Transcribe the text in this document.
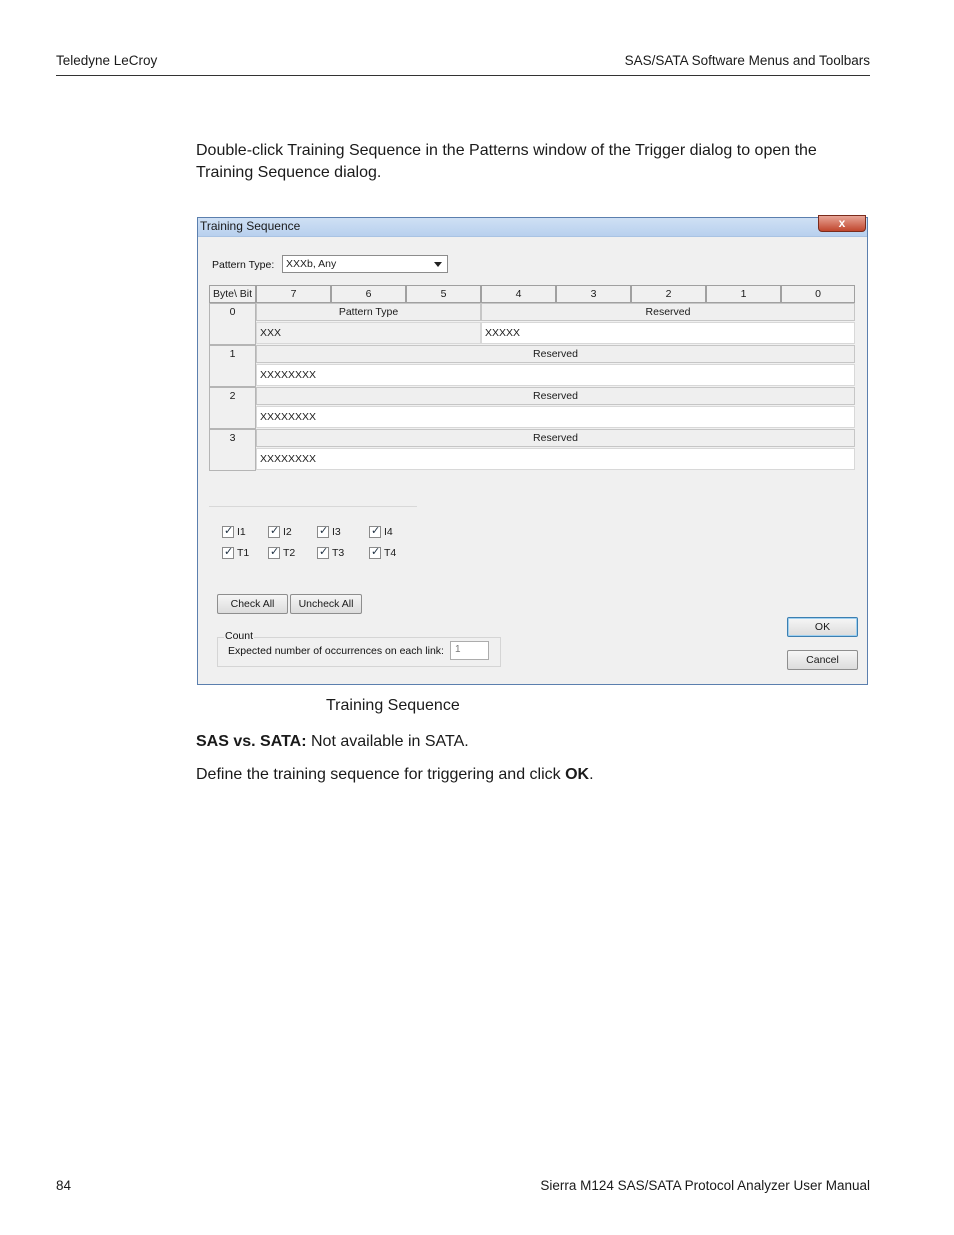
Teledyne LeCroy	SAS/SATA Software Menus and Toolbars
Double-click Training Sequence in the Patterns window of the Trigger dialog to open the
Training Sequence dialog.
Training Sequence	x
Pattern Type:	XXXb, Any
Byte\ Bit	7	6	5	4	3	2	1	0
0	Pattern Type	Reserved
XXX	XXXXX
1	Reserved
XXXXXXXX
2	Reserved
XXXXXXXX
3	Reserved
XXXXXXXX
✓
I1 ✓	I2 ✓	I3 ✓	I4
✓
T1 ✓	T2 ✓	T3 ✓	T4
Check All	Uncheck All
Count
Expected number of occurrences on each link:	1
OK
Cancel
Training Sequence
SAS vs. SATA: Not available in SATA.
Define the training sequence for triggering and click OK.
84	Sierra M124 SAS/SATA Protocol Analyzer User Manual
